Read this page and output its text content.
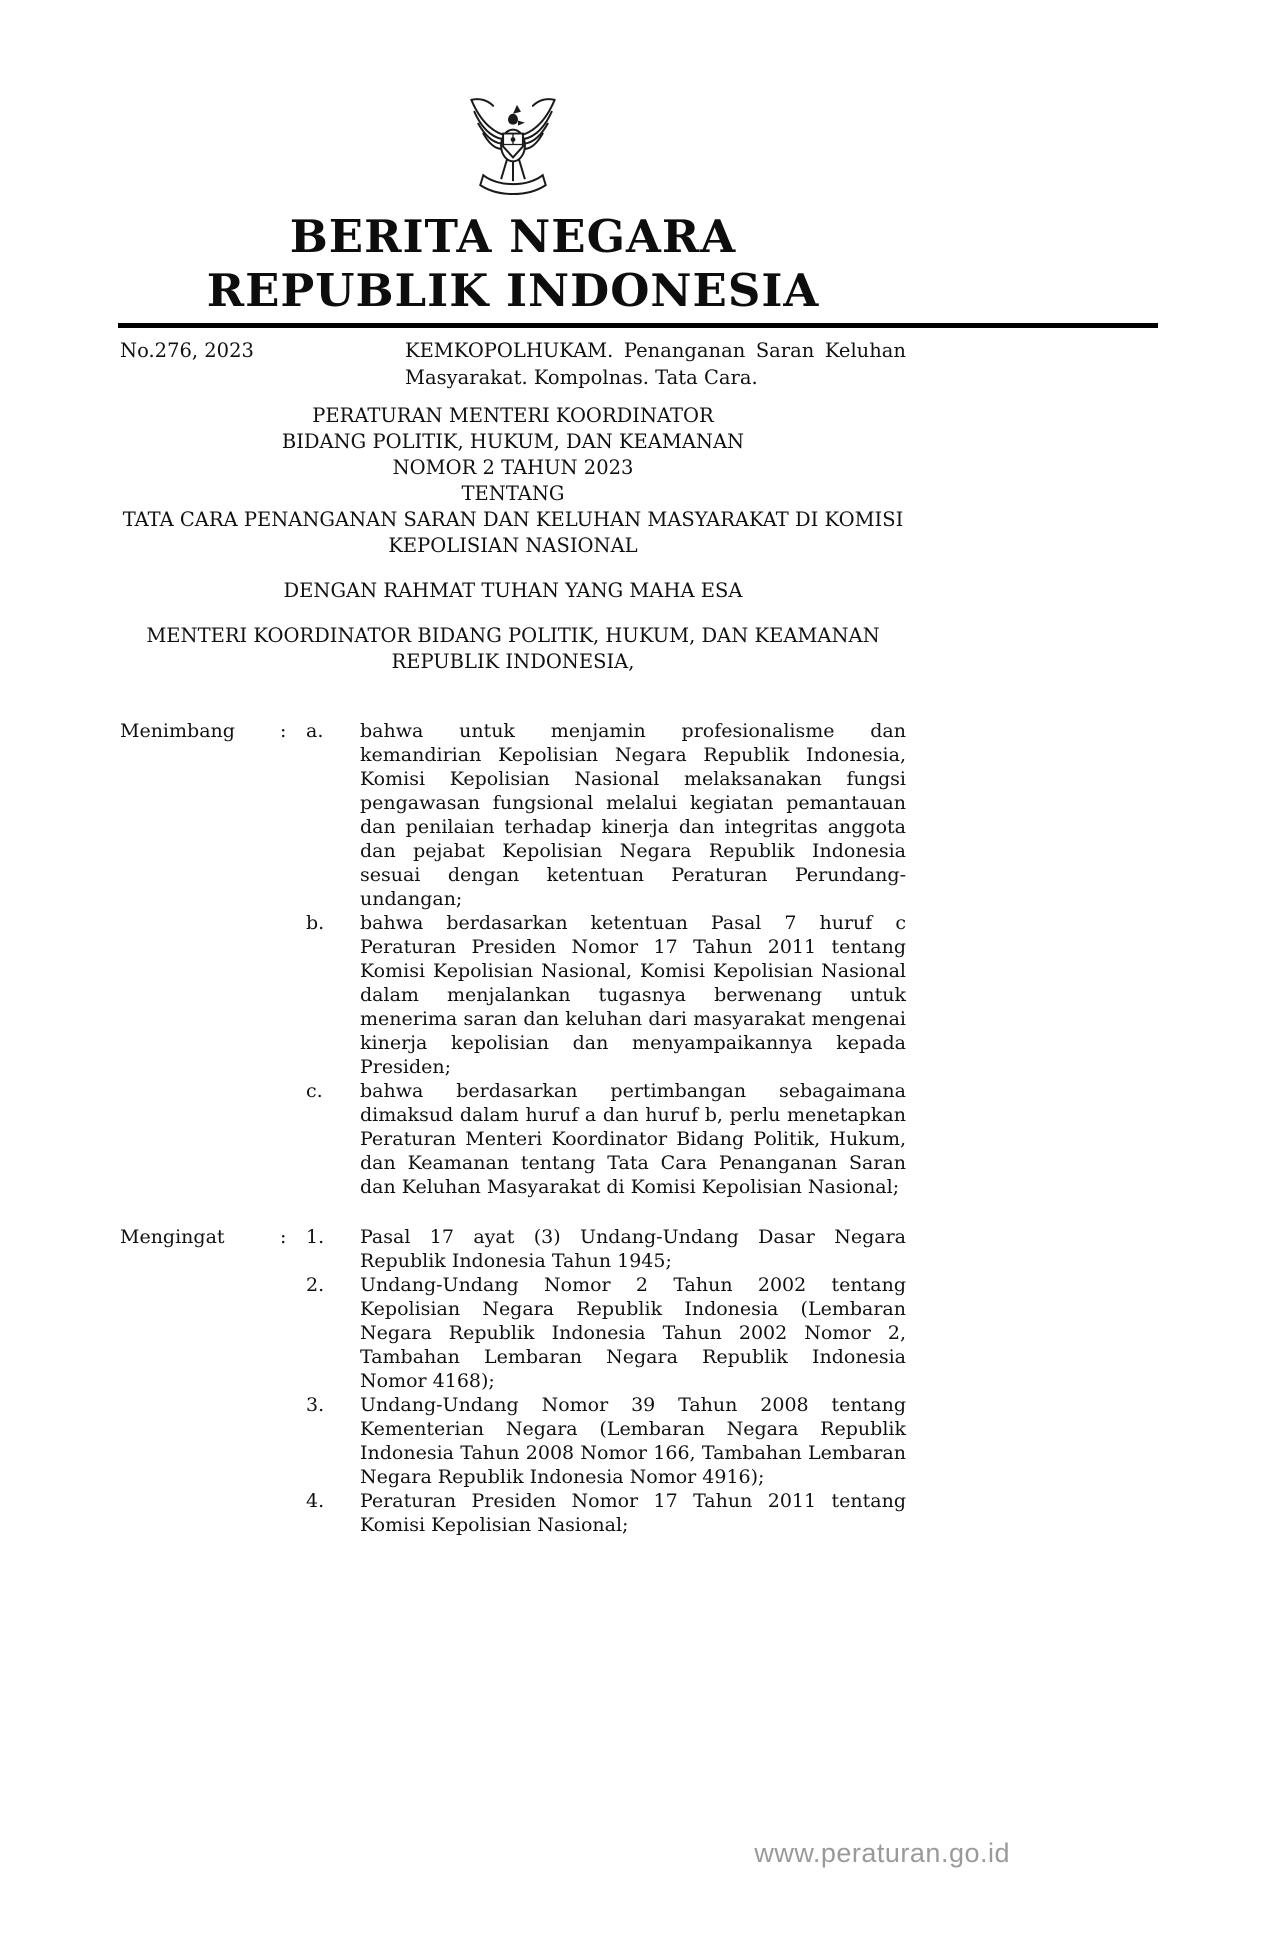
BERITA NEGARA
REPUBLIK INDONESIA
No.276, 2023	KEMKOPOLHUKAM. Penanganan Saran Keluhan Masyarakat. Kompolnas. Tata Cara.
PERATURAN MENTERI KOORDINATOR
BIDANG POLITIK, HUKUM, DAN KEAMANAN
NOMOR 2 TAHUN 2023
TENTANG
TATA CARA PENANGANAN SARAN DAN KELUHAN MASYARAKAT DI KOMISI
KEPOLISIAN NASIONAL
DENGAN RAHMAT TUHAN YANG MAHA ESA
MENTERI KOORDINATOR BIDANG POLITIK, HUKUM, DAN KEAMANAN
REPUBLIK INDONESIA,
Menimbang	:	a.	bahwa untuk menjamin profesionalisme dan kemandirian Kepolisian Negara Republik Indonesia, Komisi Kepolisian Nasional melaksanakan fungsi pengawasan fungsional melalui kegiatan pemantauan dan penilaian terhadap kinerja dan integritas anggota dan pejabat Kepolisian Negara Republik Indonesia sesuai dengan ketentuan Peraturan Perundang-undangan;
b.	bahwa berdasarkan ketentuan Pasal 7 huruf c Peraturan Presiden Nomor 17 Tahun 2011 tentang Komisi Kepolisian Nasional, Komisi Kepolisian Nasional dalam menjalankan tugasnya berwenang untuk menerima saran dan keluhan dari masyarakat mengenai kinerja kepolisian dan menyampaikannya kepada Presiden;
c.	bahwa berdasarkan pertimbangan sebagaimana dimaksud dalam huruf a dan huruf b, perlu menetapkan Peraturan Menteri Koordinator Bidang Politik, Hukum, dan Keamanan tentang Tata Cara Penanganan Saran dan Keluhan Masyarakat di Komisi Kepolisian Nasional;
Mengingat	:	1.	Pasal 17 ayat (3) Undang-Undang Dasar Negara Republik Indonesia Tahun 1945;
2.	Undang-Undang Nomor 2 Tahun 2002 tentang Kepolisian Negara Republik Indonesia (Lembaran Negara Republik Indonesia Tahun 2002 Nomor 2, Tambahan Lembaran Negara Republik Indonesia Nomor 4168);
3.	Undang-Undang Nomor 39 Tahun 2008 tentang Kementerian Negara (Lembaran Negara Republik Indonesia Tahun 2008 Nomor 166, Tambahan Lembaran Negara Republik Indonesia Nomor 4916);
4.	Peraturan Presiden Nomor 17 Tahun 2011 tentang Komisi Kepolisian Nasional;
www.peraturan.go.id
